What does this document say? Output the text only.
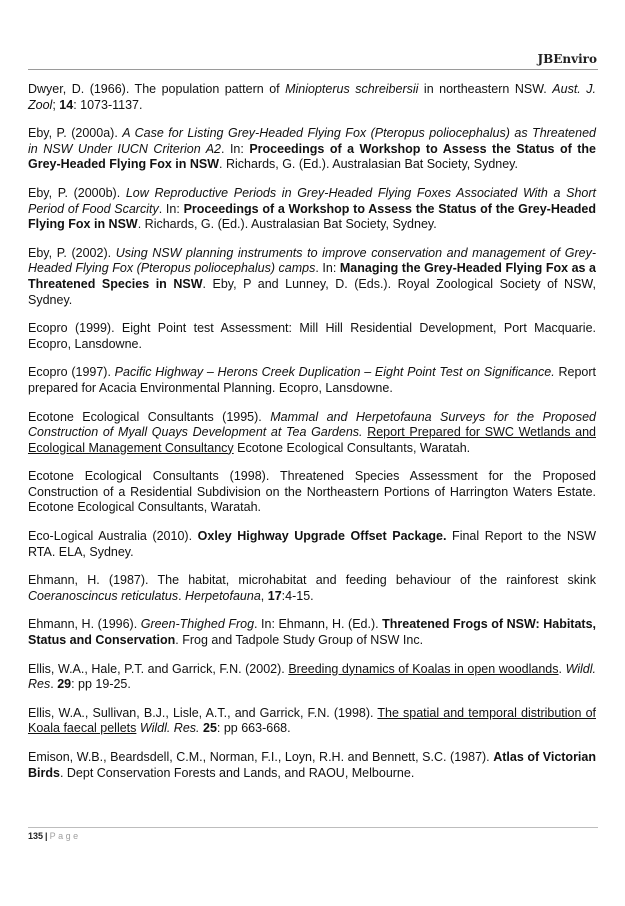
JBEnviro

Dwyer, D. (1966). The population pattern of Miniopterus schreibersii in northeastern NSW. Aust. J. Zool; 14: 1073-1137.

Eby, P. (2000a). A Case for Listing Grey-Headed Flying Fox (Pteropus poliocephalus) as Threatened in NSW Under IUCN Criterion A2. In: Proceedings of a Workshop to Assess the Status of the Grey-Headed Flying Fox in NSW. Richards, G. (Ed.). Australasian Bat Society, Sydney.

Eby, P. (2000b). Low Reproductive Periods in Grey-Headed Flying Foxes Associated With a Short Period of Food Scarcity. In: Proceedings of a Workshop to Assess the Status of the Grey-Headed Flying Fox in NSW. Richards, G. (Ed.). Australasian Bat Society, Sydney.

Eby, P. (2002). Using NSW planning instruments to improve conservation and management of Grey-Headed Flying Fox (Pteropus poliocephalus) camps. In: Managing the Grey-Headed Flying Fox as a Threatened Species in NSW. Eby, P and Lunney, D. (Eds.). Royal Zoological Society of NSW, Sydney.

Ecopro (1999). Eight Point test Assessment: Mill Hill Residential Development, Port Macquarie. Ecopro, Lansdowne.

Ecopro (1997). Pacific Highway – Herons Creek Duplication – Eight Point Test on Significance. Report prepared for Acacia Environmental Planning. Ecopro, Lansdowne.

Ecotone Ecological Consultants (1995). Mammal and Herpetofauna Surveys for the Proposed Construction of Myall Quays Development at Tea Gardens. Report Prepared for SWC Wetlands and Ecological Management Consultancy Ecotone Ecological Consultants, Waratah.

Ecotone Ecological Consultants (1998). Threatened Species Assessment for the Proposed Construction of a Residential Subdivision on the Northeastern Portions of Harrington Waters Estate. Ecotone Ecological Consultants, Waratah.

Eco-Logical Australia (2010). Oxley Highway Upgrade Offset Package. Final Report to the NSW RTA. ELA, Sydney.

Ehmann, H. (1987). The habitat, microhabitat and feeding behaviour of the rainforest skink Coeranoscincus reticulatus. Herpetofauna, 17:4-15.

Ehmann, H. (1996). Green-Thighed Frog. In: Ehmann, H. (Ed.). Threatened Frogs of NSW: Habitats, Status and Conservation. Frog and Tadpole Study Group of NSW Inc.

Ellis, W.A., Hale, P.T. and Garrick, F.N. (2002). Breeding dynamics of Koalas in open woodlands. Wildl. Res. 29: pp 19-25.

Ellis, W.A., Sullivan, B.J., Lisle, A.T., and Garrick, F.N. (1998). The spatial and temporal distribution of Koala faecal pellets Wildl. Res. 25: pp 663-668.

Emison, W.B., Beardsdell, C.M., Norman, F.I., Loyn, R.H. and Bennett, S.C. (1987). Atlas of Victorian Birds. Dept Conservation Forests and Lands, and RAOU, Melbourne.

135 | Page
